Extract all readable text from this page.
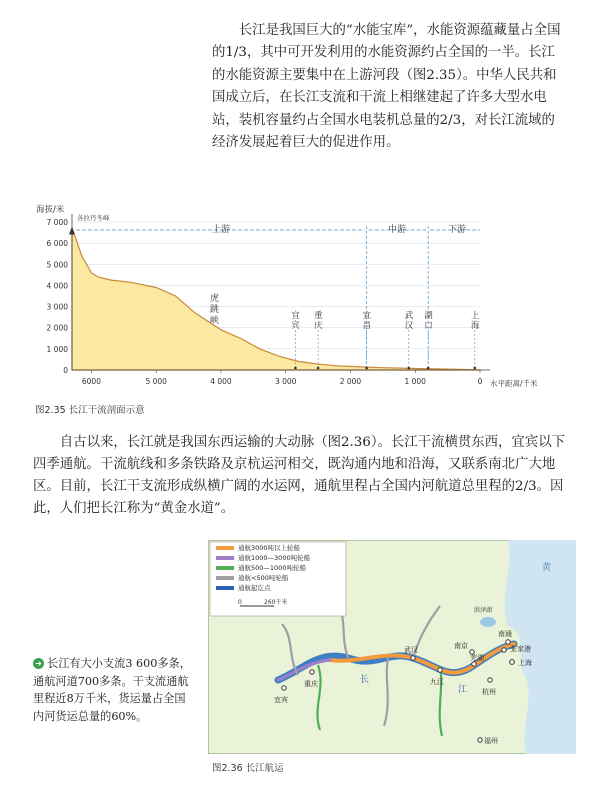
长江是我国巨大的“水能宝库”，水能资源蕴藏量占全国的1/3，其中可开发利用的水能资源约占全国的一半。长江的水能资源主要集中在上游河段（图2.35）。中华人民共和国成立后，在长江支流和干流上相继建起了许多大型水电站，装机容量约占全国水电装机总量的2/3，对长江流域的经济发展起着巨大的促进作用。

0
1 000
2 000
3 000
4 000
5 000
6 000
7 000
6000	5 000	4 000	3 000	2 000	1 000	0
宜
宾
重
庆
宜
昌
武
汉
湖
口
上
海
海拔/米
水平距离/千米
各拉丹冬峰
上游	中游	下游
虎
跳
峡
图2.35 长江干流剖面示意

自古以来，长江就是我国东西运输的大动脉（图2.36）。长江干流横贯东西，宜宾以下四季通航。干流航线和多条铁路及京杭运河相交，既沟通内地和沿海，又联系南北广大地区。目前，长江干支流形成纵横广阔的水运网，通航里程占全国内河航道总里程的2/3。因此，人们把长江称为“黄金水道”。

通航3000吨以上轮船
通航1000—3000吨轮船
通航500—1000吨轮船
通航<500吨轮船
通航起讫点
0	260千米
长
江
黄
洪泽湖
宜宾
重庆
武汉
九江
芜湖
南京
南通
张家港
上海
杭州
福州
图2.36 长江航运
➜ 长江有大小支流3 600多条，通航河道700多条。干支流通航里程近8万千米，货运量占全国内河货运总量的60%。
